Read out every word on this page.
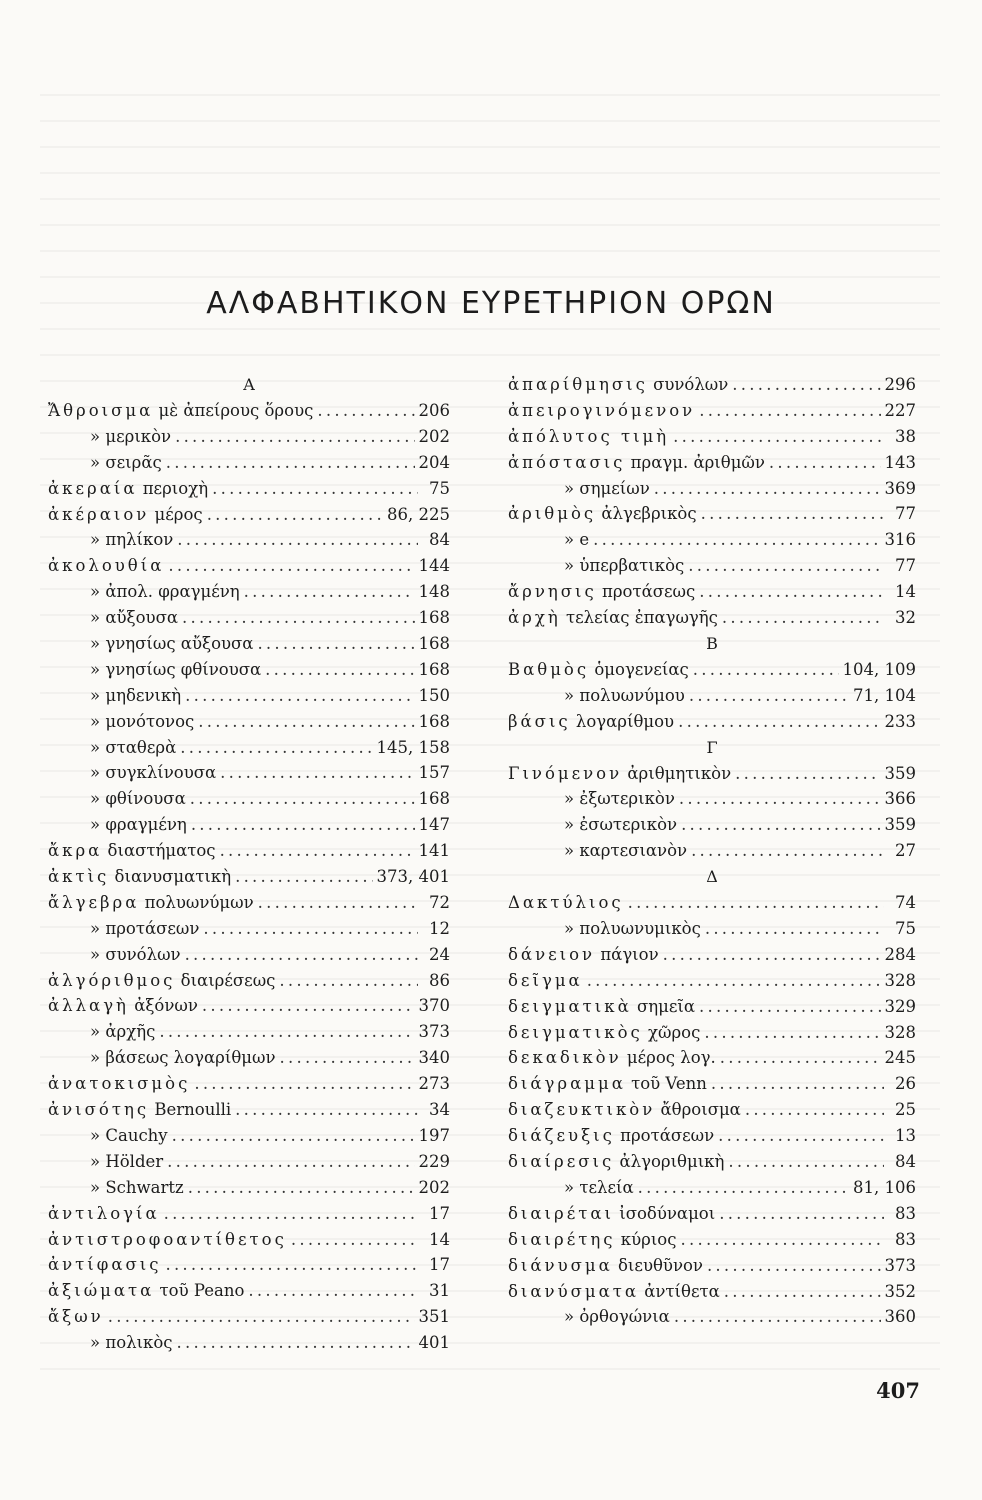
ΑΛΦΑΒΗΤΙΚΟΝ ΕΥΡΕΤΗΡΙΟΝ ΟΡΩΝ
Α
Ἄθροισμα μὲ ἀπείρους ὅρους . . .	206
» μερικὸν . . .	202
» σειρᾶς . . .	204
ἀκεραία περιοχὴ . . .	75
ἀκέραιον μέρος . . .	86, 225
» πηλίκον . . .	84
ἀκολουθία . . .	144
» ἀπολ. φραγμένη . . .	148
» αὔξουσα . . .	168
» γνησίως αὔξουσα . . .	168
» γνησίως φθίνουσα . . .	168
» μηδενικὴ . . .	150
» μονότονος . . .	168
» σταθερὰ . . .	145, 158
» συγκλίνουσα . . .	157
» φθίνουσα . . .	168
» φραγμένη . . .	147
ἄκρα διαστήματος . . .	141
ἀκτὶς διανυσματικὴ . . .	373, 401
ἄλγεβρα πολυωνύμων . . .	72
» προτάσεων . . .	12
» συνόλων . . .	24
ἀλγόριθμος διαιρέσεως . . .	86
ἀλλαγὴ ἀξόνων . . .	370
» ἀρχῆς . . .	373
» βάσεως λογαρίθμων . . .	340
ἀνατοκισμὸς . . .	273
ἀνισότης Bernoulli . . .	34
» Cauchy . . .	197
» Hölder . . .	229
» Schwartz . . .	202
ἀντιλογία . . .	17
ἀντιστροφοαντίθετος . . .	14
ἀντίφασις . . .	17
ἀξιώματα τοῦ Peano . . .	31
ἄξων . . .	351
» πολικὸς . . .	401
ἀπαρίθμησις συνόλων . . .	296
ἀπειρογινόμενον . . .	227
ἀπόλυτος τιμὴ . . .	38
ἀπόστασις πραγμ. ἀριθμῶν . . .	143
» σημείων . . .	369
ἀριθμὸς ἀλγεβρικὸς . . .	77
» e . . .	316
» ὑπερβατικὸς . . .	77
ἄρνησις προτάσεως . . .	14
ἀρχὴ τελείας ἐπαγωγῆς . . .	32
Β
Βαθμὸς ὁμογενείας . . .	104, 109
» πολυωνύμου . . .	71, 104
βάσις λογαρίθμου . . .	233
Γ
Γινόμενον ἀριθμητικὸν . . .	359
» ἐξωτερικὸν . . .	366
» ἐσωτερικὸν . . .	359
» καρτεσιανὸν . . .	27
Δ
Δακτύλιος . . .	74
» πολυωνυμικὸς . . .	75
δάνειον πάγιον . . .	284
δεῖγμα . . .	328
δειγματικὰ σημεῖα . . .	329
δειγματικὸς χῶρος . . .	328
δεκαδικὸν μέρος λογ. . . .	245
διάγραμμα τοῦ Venn . . .	26
διαζευκτικὸν ἄθροισμα . . .	25
διάζευξις προτάσεων . . .	13
διαίρεσις ἀλγοριθμικὴ . . .	84
» τελεία . . .	81, 106
διαιρέται ἰσοδύναμοι . . .	83
διαιρέτης κύριος . . .	83
διάνυσμα διευθῦνον . . .	373
διανύσματα ἀντίθετα . . .	352
» ὀρθογώνια . . .	360
407
